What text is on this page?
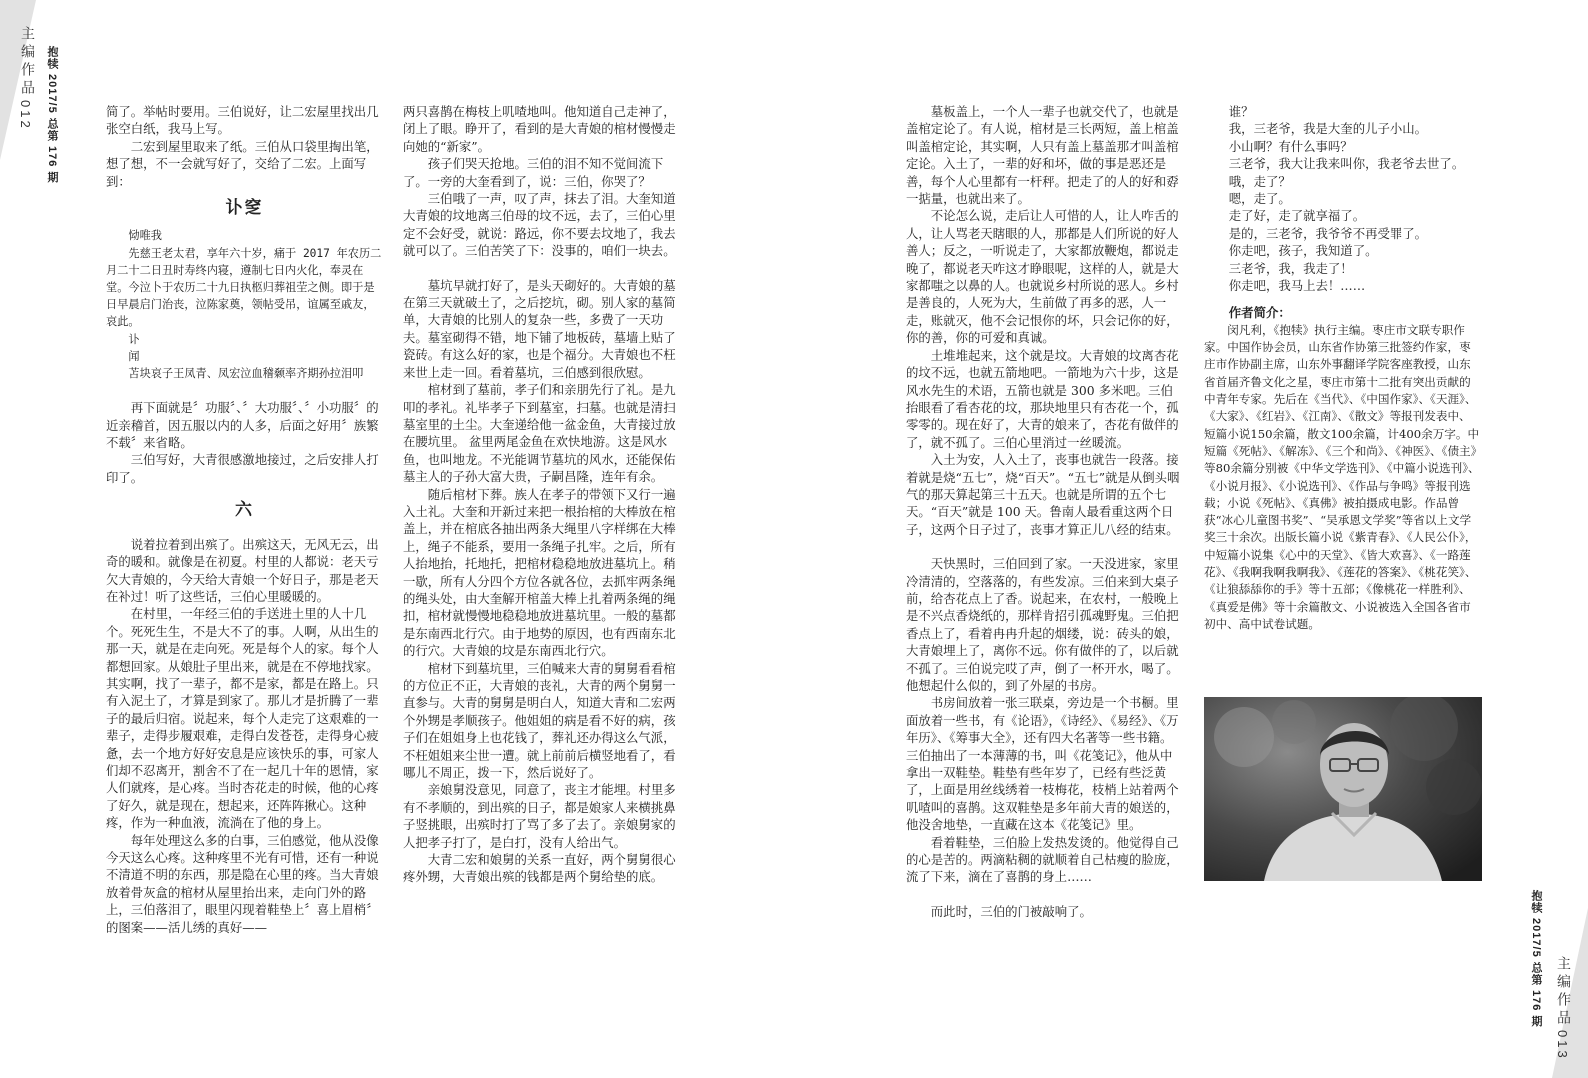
主编作品
012
抱犊 2017/5
总第 176 期
主编作品
013
抱犊 2017/5
总第 176 期

简了。举帖时要用。三伯说好，让二宏屋里找出几张空白纸，我马上写。

二宏到屋里取来了纸。三伯从口袋里掏出笔，想了想，不一会就写好了，交给了二宏。上面写到：

讣窆

恸唯我

先慈王老太君，享年六十岁，痛于 2017 年农历二月二十二日丑时寿终内寝，遵制七日内火化，奉灵在堂。今泣卜于农历二十九日执柩归葬祖茔之侧。即于是日早晨启门治丧，泣陈家奠，领帖受吊，谊属至戚友，哀此。

讣

闻

苫块哀子王凤青、凤宏泣血稽颡率齐期孙拉泪叩

再下面就是〞功服〞、〞大功服〞、〞小功服〞的近亲稽首，因五服以内的人多，后面之好用〞族繁不载〞来省略。

三伯写好，大青很感激地接过，之后安排人打印了。

六

说着拉着到出殡了。出殡这天，无风无云，出奇的暖和。就像是在初夏。村里的人都说：老天亏欠大青娘的，今天给大青娘一个好日子，那是老天在补过！听了这些话，三伯心里暖暖的。

在村里，一年经三伯的手送进土里的人十几个。死死生生，不是大不了的事。人啊，从出生的那一天，就是在走向死。死是每个人的家。每个人都想回家。从娘肚子里出来，就是在不停地找家。其实啊，找了一辈子，都不是家，都是在路上。只有入泥土了，才算是到家了。那儿才是折腾了一辈子的最后归宿。说起来，每个人走完了这艰难的一辈子，走得步履艰难，走得白发苍苍，走得身心疲惫，去一个地方好好安息是应该快乐的事，可家人们却不忍离开，割舍不了在一起几十年的恩情，家人们就疼，是心疼。当时杏花走的时候，他的心疼了好久，就是现在，想起来，还阵阵揪心。这种疼，作为一种血液，流淌在了他的身上。

每年处理这么多的白事，三伯感觉，他从没像今天这么心疼。这种疼里不光有可惜，还有一种说不清道不明的东西，那是隐在心里的疼。当大青娘放着骨灰盒的棺材从屋里抬出来，走向门外的路上，三伯落泪了，眼里闪现着鞋垫上〞喜上眉梢〞的图案——活儿绣的真好——

两只喜鹊在梅枝上叽喳地叫。他知道自己走神了，闭上了眼。睁开了，看到的是大青娘的棺材慢慢走向她的“新家”。

孩子们哭天抢地。三伯的泪不知不觉间流下了。一旁的大奎看到了，说：三伯，你哭了？

三伯哦了一声，叹了声，抹去了泪。大奎知道大青娘的坟地离三伯母的坟不远，去了，三伯心里定不会好受，就说：路远，你不要去坟地了，我去就可以了。三伯苦笑了下：没事的，咱们一块去。

墓坑早就打好了，是头天砌好的。大青娘的墓在第三天就破土了，之后挖坑，砌。别人家的墓简单，大青娘的比别人的复杂一些，多费了一天功夫。墓室砌得不错，地下铺了地板砖，墓墙上贴了瓷砖。有这么好的家，也是个福分。大青娘也不枉来世上走一回。看着墓坑，三伯感到很欣慰。

棺材到了墓前，孝子们和亲朋先行了礼。是九叩的孝礼。礼毕孝子下到墓室，扫墓。也就是清扫墓室里的土尘。大奎递给他一盆金鱼，大青接过放在腰坑里。 盆里两尾金鱼在欢快地游。这是风水鱼，也叫地龙。不光能调节墓坑的风水，还能保佑墓主人的子孙大富大贵，子嗣昌隆，连年有余。

随后棺材下葬。族人在孝子的带领下又行一遍入土礼。大奎和开新过来把一根抬棺的大棒放在棺盖上，并在棺底各抽出两条大绳里八字样绑在大棒上，绳子不能系，要用一条绳子扎牢。之后，所有人抬地抬，托地托，把棺材稳稳地放进墓坑上。稍一歇，所有人分四个方位各就各位，去抓牢两条绳的绳头处，由大奎解开棺盖大棒上扎着两条绳的绳扣，棺材就慢慢地稳稳地放进墓坑里。一般的墓都是东南西北行穴。由于地势的原因，也有西南东北的行穴。大青娘的坟是东南西北行穴。

棺材下到墓坑里，三伯喊来大青的舅舅看看棺的方位正不正，大青娘的丧礼，大青的两个舅舅一直参与。大青的舅舅是明白人，知道大青和二宏两个外甥是孝顺孩子。他姐姐的病是看不好的病，孩子们在姐姐身上也花钱了，葬礼还办得这么气派，不枉姐姐来尘世一遭。就上前前后横竖地看了，看哪儿不周正，拨一下，然后说好了。

亲娘舅没意见，同意了，丧主才能埋。村里多有不孝顺的，到出殡的日子，都是娘家人来横挑鼻子竖挑眼，出殡时打了骂了多了去了。亲娘舅家的人把孝子打了，是白打，没有人给出气。

大青二宏和娘舅的关系一直好，两个舅舅很心疼外甥，大青娘出殡的钱都是两个舅给垫的底。

墓板盖上，一个人一辈子也就交代了，也就是盖棺定论了。有人说，棺材是三长两短，盖上棺盖叫盖棺定论，其实啊，人只有盖上墓盖那才叫盖棺定论。入土了，一辈的好和坏，做的事是恶还是善，每个人心里都有一杆秤。把走了的人的好和孬一掂量，也就出来了。

不论怎么说，走后让人可惜的人，让人咋舌的人，让人骂老天瞎眼的人，那都是人们所说的好人善人；反之，一听说走了，大家都放鞭炮，都说走晚了，都说老天咋这才睁眼呢，这样的人，就是大家都嗤之以鼻的人。也就说乡村所说的恶人。乡村是善良的，人死为大，生前做了再多的恶，人一走，账就灭，他不会记恨你的坏，只会记你的好，你的善，你的可爱和真诚。

土堆堆起来，这个就是坟。大青娘的坟离杏花的坟不远，也就五箭地吧。一箭地为六十步，这是风水先生的术语，五箭也就是 300 多米吧。三伯抬眼看了看杏花的坟，那块地里只有杏花一个，孤零零的。现在好了，大青的娘来了，杏花有做伴的了，就不孤了。三伯心里消过一丝暖流。

入土为安，人入土了，丧事也就告一段落。接着就是烧“五七”，烧“百天”。“五七”就是从倒头咽气的那天算起第三十五天。也就是所谓的五个七天。“百天”就是 100 天。鲁南人最看重这两个日子，这两个日子过了，丧事才算正儿八经的结束。

天快黑时，三伯回到了家。一天没进家，家里冷清清的，空落落的，有些发凉。三伯来到大桌子前，给杏花点上了香。说起来，在农村，一般晚上是不兴点香烧纸的，那样肯招引孤魂野鬼。三伯把香点上了，看着冉冉升起的烟缕，说：砖头的娘，大青娘埋上了，离你不远。你有做伴的了，以后就不孤了。三伯说完哎了声，倒了一杯开水，喝了。他想起什么似的，到了外屋的书房。

书房间放着一张三联桌，旁边是一个书橱。里面放着一些书，有《论语》，《诗经》、《易经》、《万年历》、《筹事大全》，还有四大名著等一些书籍。三伯抽出了一本薄薄的书，叫《花笺记》，他从中拿出一双鞋垫。鞋垫有些年岁了，已经有些泛黄了，上面是用丝线绣着一枝梅花，枝梢上站着两个叽喳叫的喜鹊。这双鞋垫是多年前大青的娘送的，他没舍地垫，一直藏在这本《花笺记》里。

看着鞋垫，三伯脸上发热发烫的。他觉得自己的心是苦的。两滴粘稠的就顺着自己枯瘦的脸庞，流了下来，滴在了喜鹊的身上……

而此时，三伯的门被敲响了。

谁？

我，三老爷，我是大奎的儿子小山。

小山啊？有什么事吗？

三老爷，我大让我来叫你，我老爷去世了。

哦，走了？

嗯，走了。

走了好，走了就享福了。

是的，三老爷，我爷爷不再受罪了。

你走吧，孩子，我知道了。

三老爷，我，我走了！

你走吧，我马上去！……

作者简介：

闵凡利，《抱犊》执行主编。枣庄市文联专职作家。中国作协会员，山东省作协第三批签约作家，枣庄市作协副主席，山东外事翻译学院客座教授，山东省首届齐鲁文化之星，枣庄市第十二批有突出贡献的中青年专家。先后在《当代》、《中国作家》、《天涯》、《大家》、《红岩》、《江南》、《散文》等报刊发表中、短篇小说150余篇，散文100余篇，计400余万字。中短篇《死帖》、《解冻》、《三个和尚》、《神医》、《债主》等80余篇分别被《中华文学选刊》、《中篇小说选刊》、《小说月报》、《小说选刊》、《作品与争鸣》等报刊选载；小说《死帖》、《真佛》被拍摄成电影。作品曾获“冰心儿童图书奖”、“吴承恩文学奖”等省以上文学奖三十余次。出版长篇小说《紫青春》、《人民公仆》，中短篇小说集《心中的天堂》、《皆大欢喜》、《一路莲花》、《我啊我啊我啊我》、《莲花的答案》、《桃花笑》、《让狼舔舔你的手》等十五部；《像桃花一样胜利》、《真爱是佛》等十余篇散文、小说被选入全国各省市初中、高中试卷试题。
